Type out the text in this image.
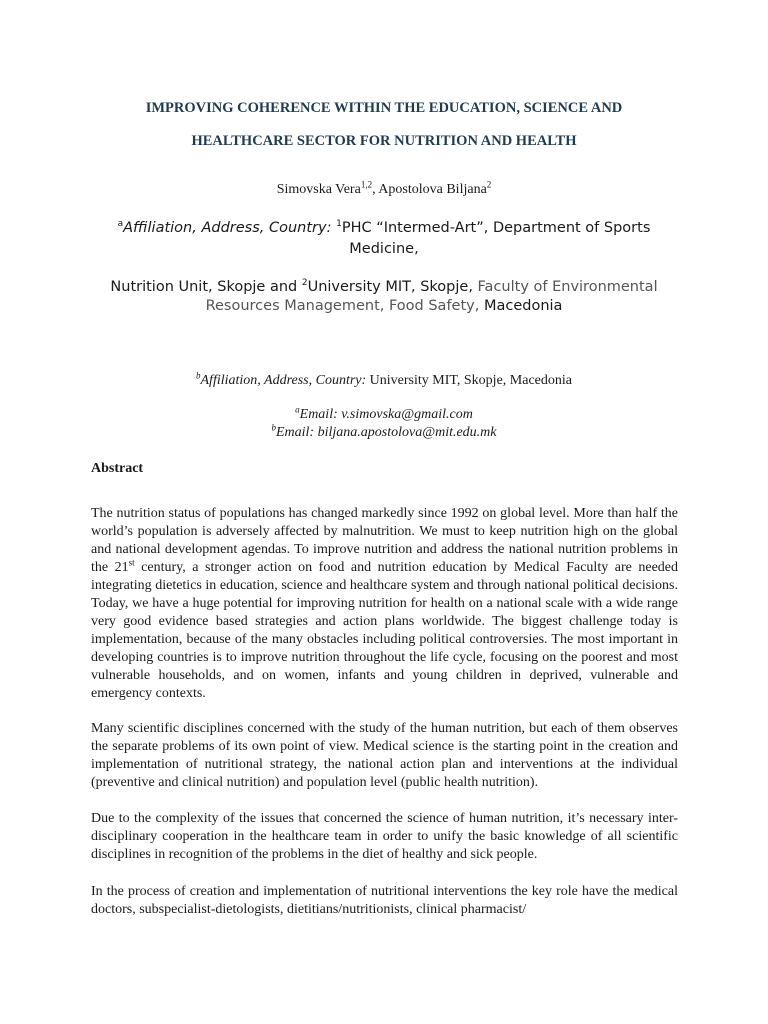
IMPROVING COHERENCE WITHIN THE EDUCATION, SCIENCE AND
HEALTHCARE SECTOR FOR NUTRITION AND HEALTH

Simovska Vera$^{1,2}$, Apostolova Biljana$^2$

$^a$Affiliation, Address, Country: $^1$PHC “Intermed-Art”, Department of Sports Medicine,

Nutrition Unit, Skopje and $^2$University MIT, Skopje, Faculty of Environmental Resources Management, Food Safety, Macedonia

$^b$Affiliation, Address, Country: University MIT, Skopje, Macedonia

$^a$Email: v.simovska@gmail.com

$^b$Email: biljana.apostolova@mit.edu.mk

Abstract

The nutrition status of populations has changed markedly since 1992 on global level. More than half the world’s population is adversely affected by malnutrition. We must to keep nutrition high on the global and national development agendas. To improve nutrition and address the national nutrition problems in the 21st century, a stronger action on food and nutrition education by Medical Faculty are needed integrating dietetics in education, science and healthcare system and through national political decisions. Today, we have a huge potential for improving nutrition for health on a national scale with a wide range very good evidence based strategies and action plans worldwide. The biggest challenge today is implementation, because of the many obstacles including political controversies. The most important in developing countries is to improve nutrition throughout the life cycle, focusing on the poorest and most vulnerable households, and on women, infants and young children in deprived, vulnerable and emergency contexts.

Many scientific disciplines concerned with the study of the human nutrition, but each of them observes the separate problems of its own point of view. Medical science is the starting point in the creation and implementation of nutritional strategy, the national action plan and interventions at the individual (preventive and clinical nutrition) and population level (public health nutrition).

Due to the complexity of the issues that concerned the science of human nutrition, it’s necessary inter-disciplinary cooperation in the healthcare team in order to unify the basic knowledge of all scientific disciplines in recognition of the problems in the diet of healthy and sick people.

In the process of creation and implementation of nutritional interventions the key role have the medical doctors, subspecialist-dietologists, dietitians/nutritionists, clinical pharmacist/
